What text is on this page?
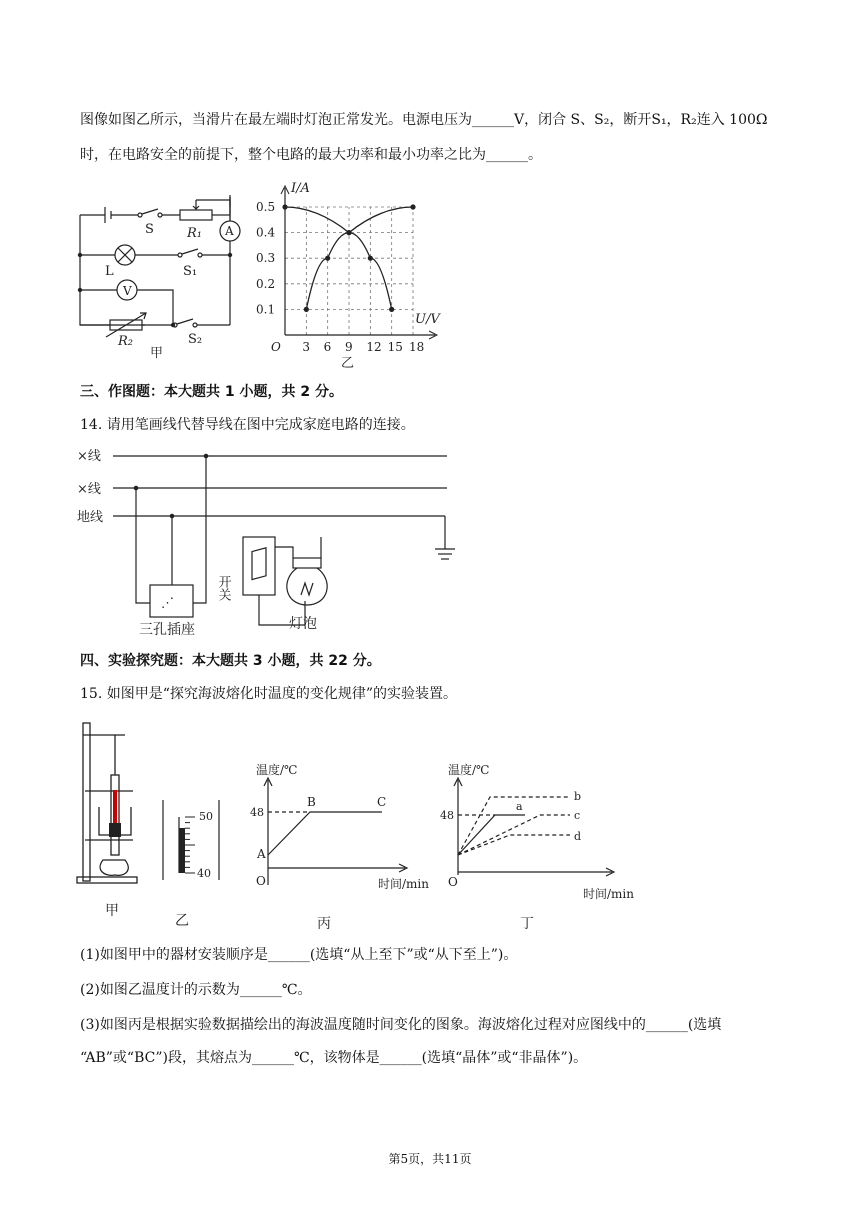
图像如图乙所示，当滑片在最左端时灯泡正常发光。电源电压为______V，闭合 S、S₂，断开S₁，R₂连入 100Ω
时，在电路安全的前提下，整个电路的最大功率和最小功率之比为______。
S	R₁ A
L	S₁
V
R₂	S₂
甲	3 6 9 12 15 18
0.1
0.2
0.3
0.4
0.5
I/A
U/V
O
乙
三、作图题：本大题共 1 小题，共 2 分。
14. 请用笔画线代替导线在图中完成家庭电路的连接。
⋰
×线
×线
地线
开关
三孔插座	灯泡
四、实验探究题：本大题共 3 小题，共 22 分。
15. 如图甲是“探究海波熔化时温度的变化规律”的实验装置。
甲
50
40
乙
温度/℃
48
A
B	C
O	时间/min
丙
温度/℃
48
a
b
c
d
O
时间/min
丁
(1)如图甲中的器材安装顺序是______(选填“从上至下”或“从下至上”)。
(2)如图乙温度计的示数为______℃。
(3)如图丙是根据实验数据描绘出的海波温度随时间变化的图象。海波熔化过程对应图线中的______(选填
“AB”或“BC”)段，其熔点为______℃，该物体是______(选填“晶体”或“非晶体”)。
第5页，共11页
